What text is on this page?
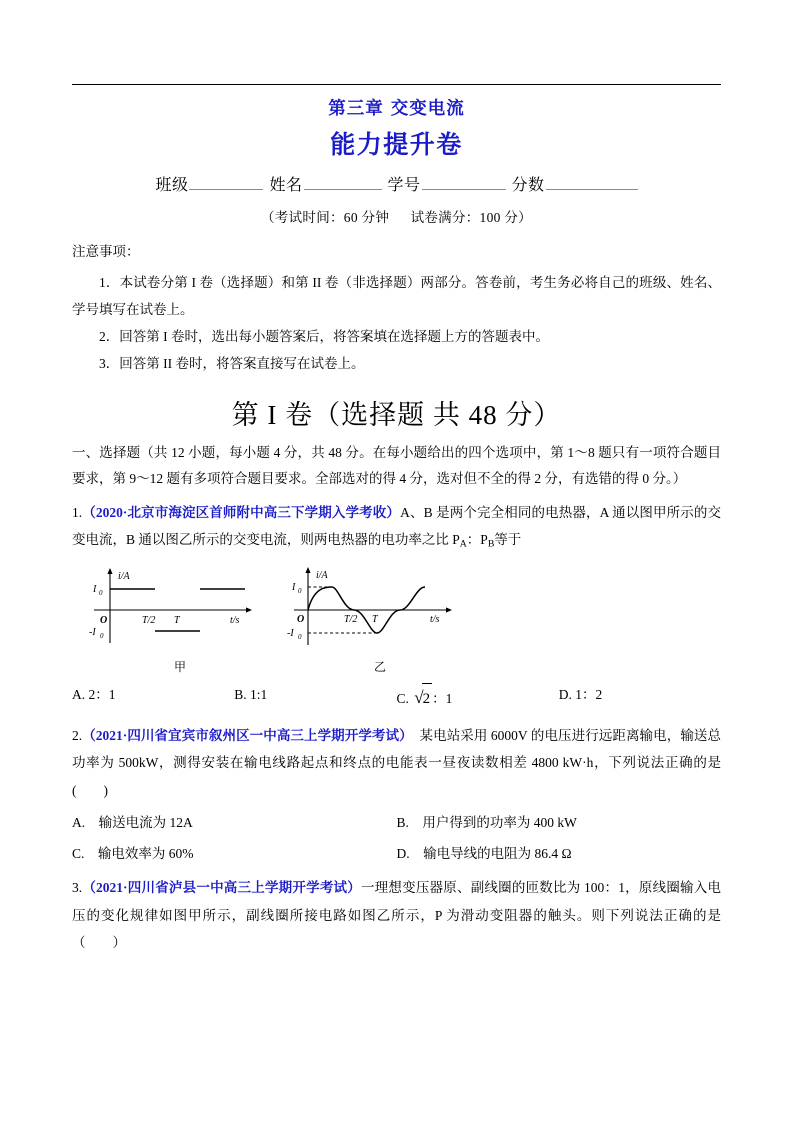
第三章 交变电流
能力提升卷
班级	姓名	学号	分数
（考试时间：60 分钟 试卷满分：100 分）
注意事项：

1．本试卷分第 I 卷（选择题）和第 II 卷（非选择题）两部分。答卷前，考生务必将自己的班级、姓名、学号填写在试卷上。

2．回答第 I 卷时，选出每小题答案后，将答案填在选择题上方的答题表中。

3．回答第 II 卷时，将答案直接写在试卷上。

第 I 卷（选择题 共 48 分）
一、选择题（共 12 小题，每小题 4 分，共 48 分。在每小题给出的四个选项中，第 1～8 题只有一项符合题目要求，第 9～12 题有多项符合题目要求。全部选对的得 4 分，选对但不全的得 2 分，有选错的得 0 分。）
1.（2020·北京市海淀区首师附中高三下学期入学考收）A、B 是两个完全相同的电热器，A 通以图甲所示的交变电流，B 通以图乙所示的交变电流，则两电热器的电功率之比 $P_A$：$P_B$等于
i/A
I 0
-I 0
O	T/2 T	t/s
甲
i/A
I 0
-I 0
O	T/2 T	t/s
乙
A. 2：1	B. 1:1	C. √2 ：1	D. 1：2
2.（2021·四川省宜宾市叙州区一中高三上学期开学考试）　某电站采用 6000V 的电压进行远距离输电，输送总功率为 500kW，测得安装在输电线路起点和终点的电能表一昼夜读数相差 4800 kW·h，下列说法正确的是(　　)
A.　输送电流为 12A	B.　用户得到的功率为 400 kW
C.　输电效率为 60%	D.　输电导线的电阻为 86.4 Ω
3.（2021·四川省泸县一中高三上学期开学考试）一理想变压器原、副线圈的匝数比为 100：1，原线圈输入电压的变化规律如图甲所示，副线圈所接电路如图乙所示，P 为滑动变阻器的触头。则下列说法正确的是（　　）
